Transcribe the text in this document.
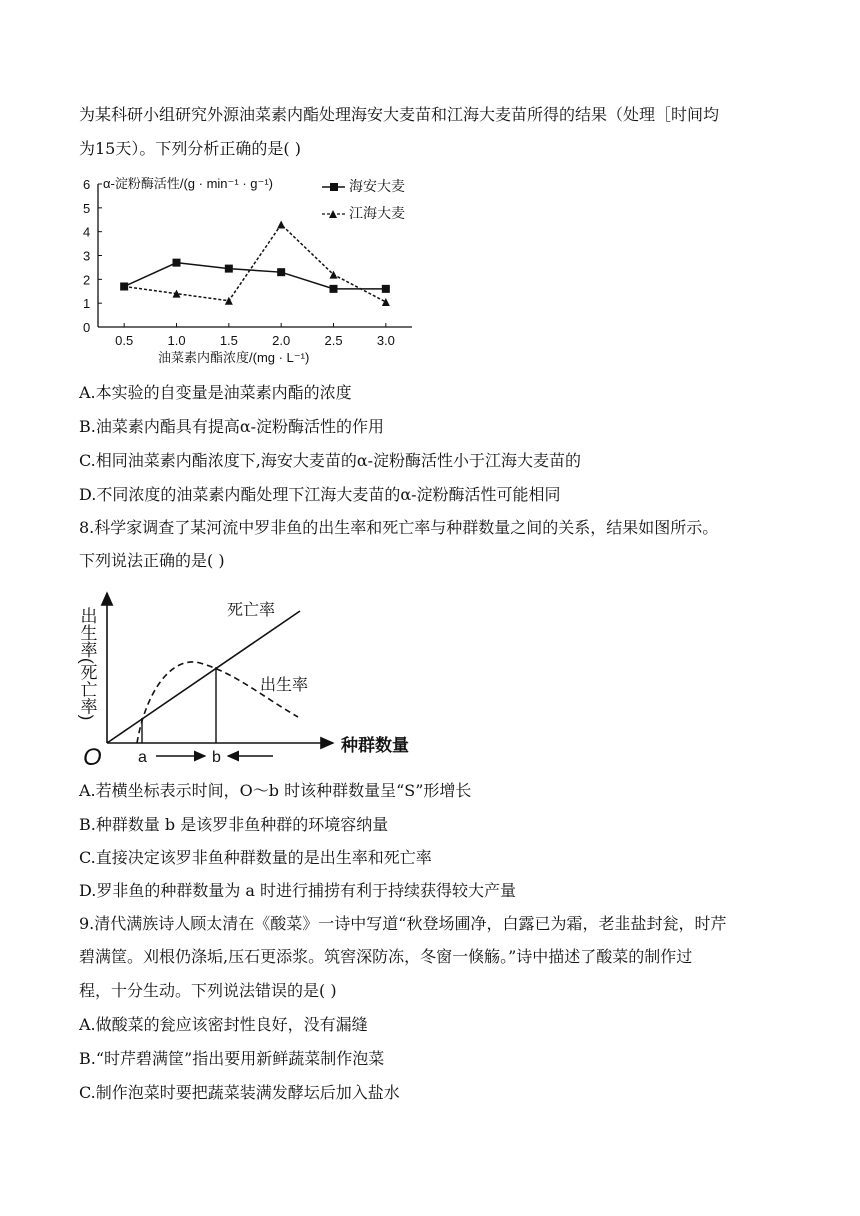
为某科研小组研究外源油菜素内酯处理海安大麦苗和江海大麦苗所得的结果（处理［时间均
为15天）。下列分析正确的是( )
0
1
2
3
4
5
6
0.5	1.0	1.5	2.0	2.5	3.0
α-淀粉酶活性/(g · min⁻¹ · g⁻¹)
油菜素内酯浓度/(mg · L⁻¹)
海安大麦
江海大麦
A.本实验的自变量是油菜素内酯的浓度
B.油菜素内酯具有提高α-淀粉酶活性的作用
C.相同油菜素内酯浓度下,海安大麦苗的α-淀粉酶活性小于江海大麦苗的
D.不同浓度的油菜素内酯处理下江海大麦苗的α-淀粉酶活性可能相同
8.科学家调查了某河流中罗非鱼的出生率和死亡率与种群数量之间的关系，结果如图所示。
下列说法正确的是( )
O	种群数量
出生率(死亡率)	死亡率
出生率
a	b
A.若横坐标表示时间，O～b 时该种群数量呈“S”形增长
B.种群数量 b 是该罗非鱼种群的环境容纳量
C.直接决定该罗非鱼种群数量的是出生率和死亡率
D.罗非鱼的种群数量为 a 时进行捕捞有利于持续获得较大产量
9.清代满族诗人顾太清在《酸菜》一诗中写道“秋登场圃净，白露已为霜，老韭盐封瓮，时芹
碧满筐。刈根仍涤垢,压石更添浆。筑窖深防冻，冬窗一倏觞。”诗中描述了酸菜的制作过
程，十分生动。下列说法错误的是( )
A.做酸菜的瓮应该密封性良好，没有漏缝
B.“时芹碧满筐”指出要用新鲜蔬菜制作泡菜
C.制作泡菜时要把蔬菜装满发酵坛后加入盐水
